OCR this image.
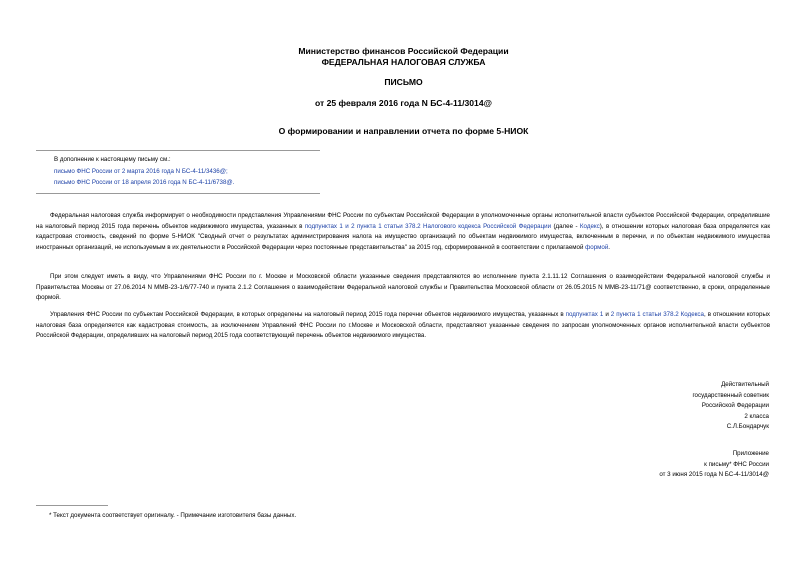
Министерство финансов Российской Федерации
ФЕДЕРАЛЬНАЯ НАЛОГОВАЯ СЛУЖБА
ПИСЬМО
от 25 февраля 2016 года N БС-4-11/3014@
О формировании и направлении отчета по форме 5-НИОК
В дополнение к настоящему письму см.:
письмо ФНС России от 2 марта 2016 года N БС-4-11/3436@;
письмо ФНС России от 18 апреля 2016 года N БС-4-11/6738@.

Федеральная налоговая служба информирует о необходимости представления Управлениями ФНС России по субъектам Российской Федерации в уполномоченные органы исполнительной власти субъектов Российской Федерации, определившие на налоговый период 2015 года перечень объектов недвижимого имущества, указанных в подпунктах 1 и 2 пункта 1 статьи 378.2 Налогового кодекса Российской Федерации (далее - Кодекс), в отношении которых налоговая база определяется как кадастровая стоимость, сведений по форме 5-НИОК "Сводный отчет о результатах администрирования налога на имущество организаций по объектам недвижимого имущества, включенным в перечни, и по объектам недвижимого имущества иностранных организаций, не используемым в их деятельности в Российской Федерации через постоянные представительства" за 2015 год, сформированной в соответствии с прилагаемой формой.

При этом следует иметь в виду, что Управлениями ФНС России по г. Москве и Московской области указанные сведения представляются во исполнение пункта 2.1.11.12 Соглашения о взаимодействии Федеральной налоговой службы и Правительства Москвы от 27.06.2014 N ММВ-23-1/6/77-740 и пункта 2.1.2 Соглашения о взаимодействии Федеральной налоговой службы и Правительства Московской области от 26.05.2015 N ММВ-23-11/71@ соответственно, в сроки, определенные формой.

Управления ФНС России по субъектам Российской Федерации, в которых определены на налоговый период 2015 года перечни объектов недвижимого имущества, указанных в подпунктах 1 и 2 пункта 1 статьи 378.2 Кодекса, в отношении которых налоговая база определяется как кадастровая стоимость, за исключением Управлений ФНС России по г.Москве и Московской области, представляют указанные сведения по запросам уполномоченных органов исполнительной власти субъектов Российской Федерации, определивших на налоговый период 2015 года соответствующий перечень объектов недвижимого имущества.

Действительный
государственный советник
Российской Федерации
2 класса
С.Л.Бондарчук
Приложение
к письму* ФНС России
от 3 июня 2015 года N БС-4-11/3014@
* Текст документа соответствует оригиналу. - Примечание изготовителя базы данных.
